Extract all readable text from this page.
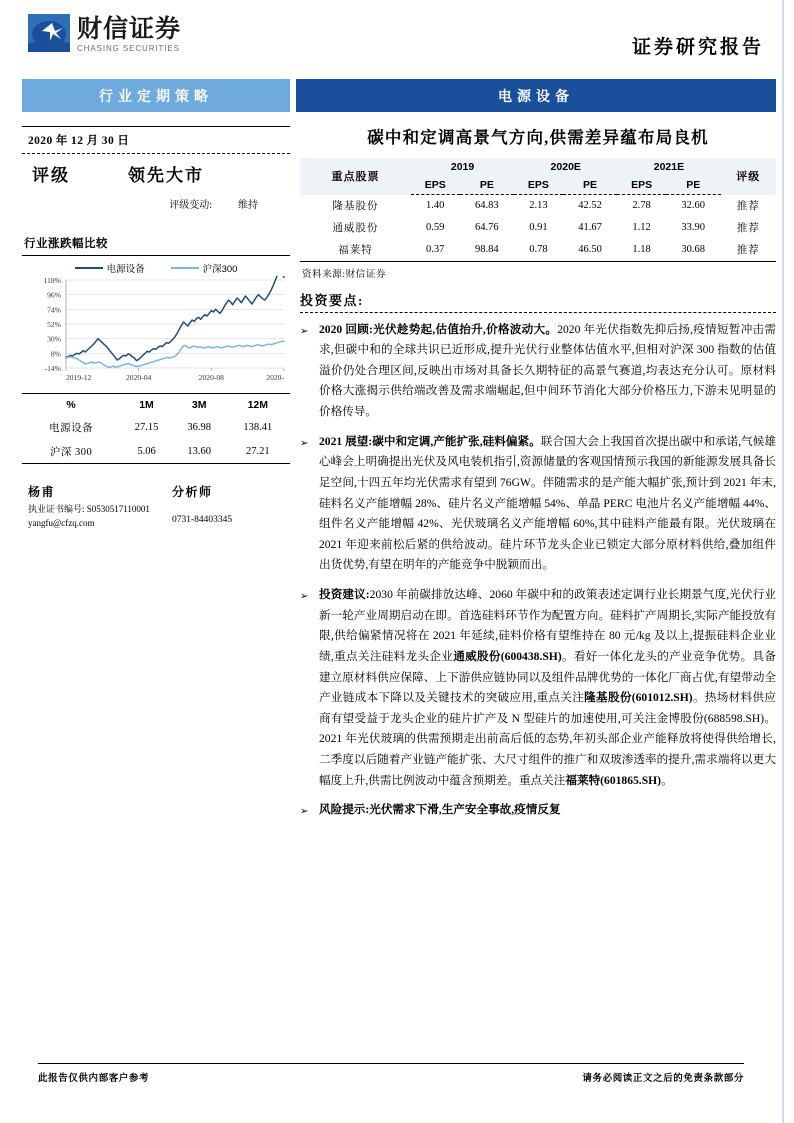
财信证券
CHASING SECURITIES	证券研究报告
行业定期策略	电源设备
2020 年 12 月 30 日
评级	领先大市
评级变动:	维持
行业涨跌幅比较
电源设备	沪深300
-14%
8%
30%
52%
74%
96%
118%
2019-12	2020-04	2020-08	2020-
%	1M	3M	12M
电源设备	27.15	36.98	138.41
沪深 300	5.06	13.60	27.21
杨甫	分析师
执业证书编号: S0530517110001
yangfu@cfzq.com	0731-84403345
碳中和定调高景气方向,供需差异蕴布局良机
重点股票	2019		2020E		2021E		评级
	EPS	PE	EPS	PE	EPS	PE	
隆基股份	1.40	64.83	2.13	42.52	2.78	32.60	推荐
通威股份	0.59	64.76	0.91	41.67	1.12	33.90	推荐
福莱特	0.37	98.84	0.78	46.50	1.18	30.68	推荐
资料来源:财信证券
投资要点:
➢ 2020 回顾:光伏趁势起,估值抬升,价格波动大。2020 年光伏指数先抑后扬,疫情短暂冲击需求,但碳中和的全球共识已近形成,提升光伏行业整体估值水平,但相对沪深 300 指数的估值溢价仍处合理区间,反映出市场对具备长久期特征的高景气赛道,均表达充分认可。原材料价格大涨揭示供给端改善及需求端崛起,但中间环节消化大部分价格压力,下游未见明显的价格传导。
➢ 2021 展望:碳中和定调,产能扩张,硅料偏紧。联合国大会上我国首次提出碳中和承诺,气候雄心峰会上明确提出光伏及风电装机指引,资源储量的客观国情预示我国的新能源发展具备长足空间,十四五年均光伏需求有望到 76GW。伴随需求的是产能大幅扩张,预计到 2021 年末,硅料名义产能增幅 28%、硅片名义产能增幅 54%、单晶 PERC 电池片名义产能增幅 44%、组件名义产能增幅 42%、光伏玻璃名义产能增幅 60%,其中硅料产能最有限。光伏玻璃在 2021 年迎来前松后紧的供给波动。硅片环节龙头企业已锁定大部分原材料供给,叠加组件出货优势,有望在明年的产能竞争中脱颖而出。
➢ 投资建议:2030 年前碳排放达峰、2060 年碳中和的政策表述定调行业长期景气度,光伏行业新一轮产业周期启动在即。首选硅料环节作为配置方向。硅料扩产周期长,实际产能投放有限,供给偏紧情况将在 2021 年延续,硅料价格有望维持在 80 元/kg 及以上,提振硅料企业业绩,重点关注硅料龙头企业通威股份(600438.SH)。看好一体化龙头的产业竞争优势。具备建立原材料供应保障、上下游供应链协同以及组件品牌优势的一体化厂商占优,有望带动全产业链成本下降以及关键技术的突破应用,重点关注隆基股份(601012.SH)。热场材料供应商有望受益于龙头企业的硅片扩产及 N 型硅片的加速使用,可关注金博股份(688598.SH)。2021 年光伏玻璃的供需预期走出前高后低的态势,年初头部企业产能释放将使得供给增长,二季度以后随着产业链产能扩张、大尺寸组件的推广和双玻渗透率的提升,需求端将以更大幅度上升,供需比例波动中蕴含预期差。重点关注福莱特(601865.SH)。
➢ 风险提示:光伏需求下滑,生产安全事故,疫情反复
此报告仅供内部客户参考	请务必阅读正文之后的免责条款部分
